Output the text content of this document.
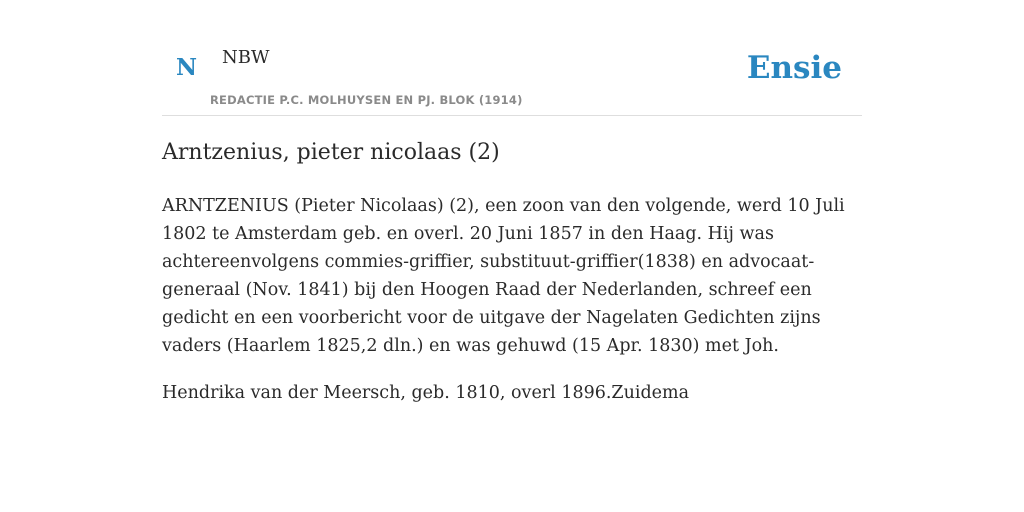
N NBW
REDACTIE P.C. MOLHUYSEN EN PJ. BLOK (1914)
Ensie
Arntzenius, pieter nicolaas (2)

ARNTZENIUS (Pieter Nicolaas) (2), een zoon van den volgende, werd 10 Juli 1802 te Amsterdam geb. en overl. 20 Juni 1857 in den Haag. Hij was achtereenvolgens commies-griffier, substituut-griffier(1838) en advocaat-generaal (Nov. 1841) bij den Hoogen Raad der Nederlanden, schreef een gedicht en een voorbericht voor de uitgave der Nagelaten Gedichten zijns vaders (Haarlem 1825,2 dln.) en was gehuwd (15 Apr. 1830) met Joh.

Hendrika van der Meersch, geb. 1810, overl 1896.Zuidema
